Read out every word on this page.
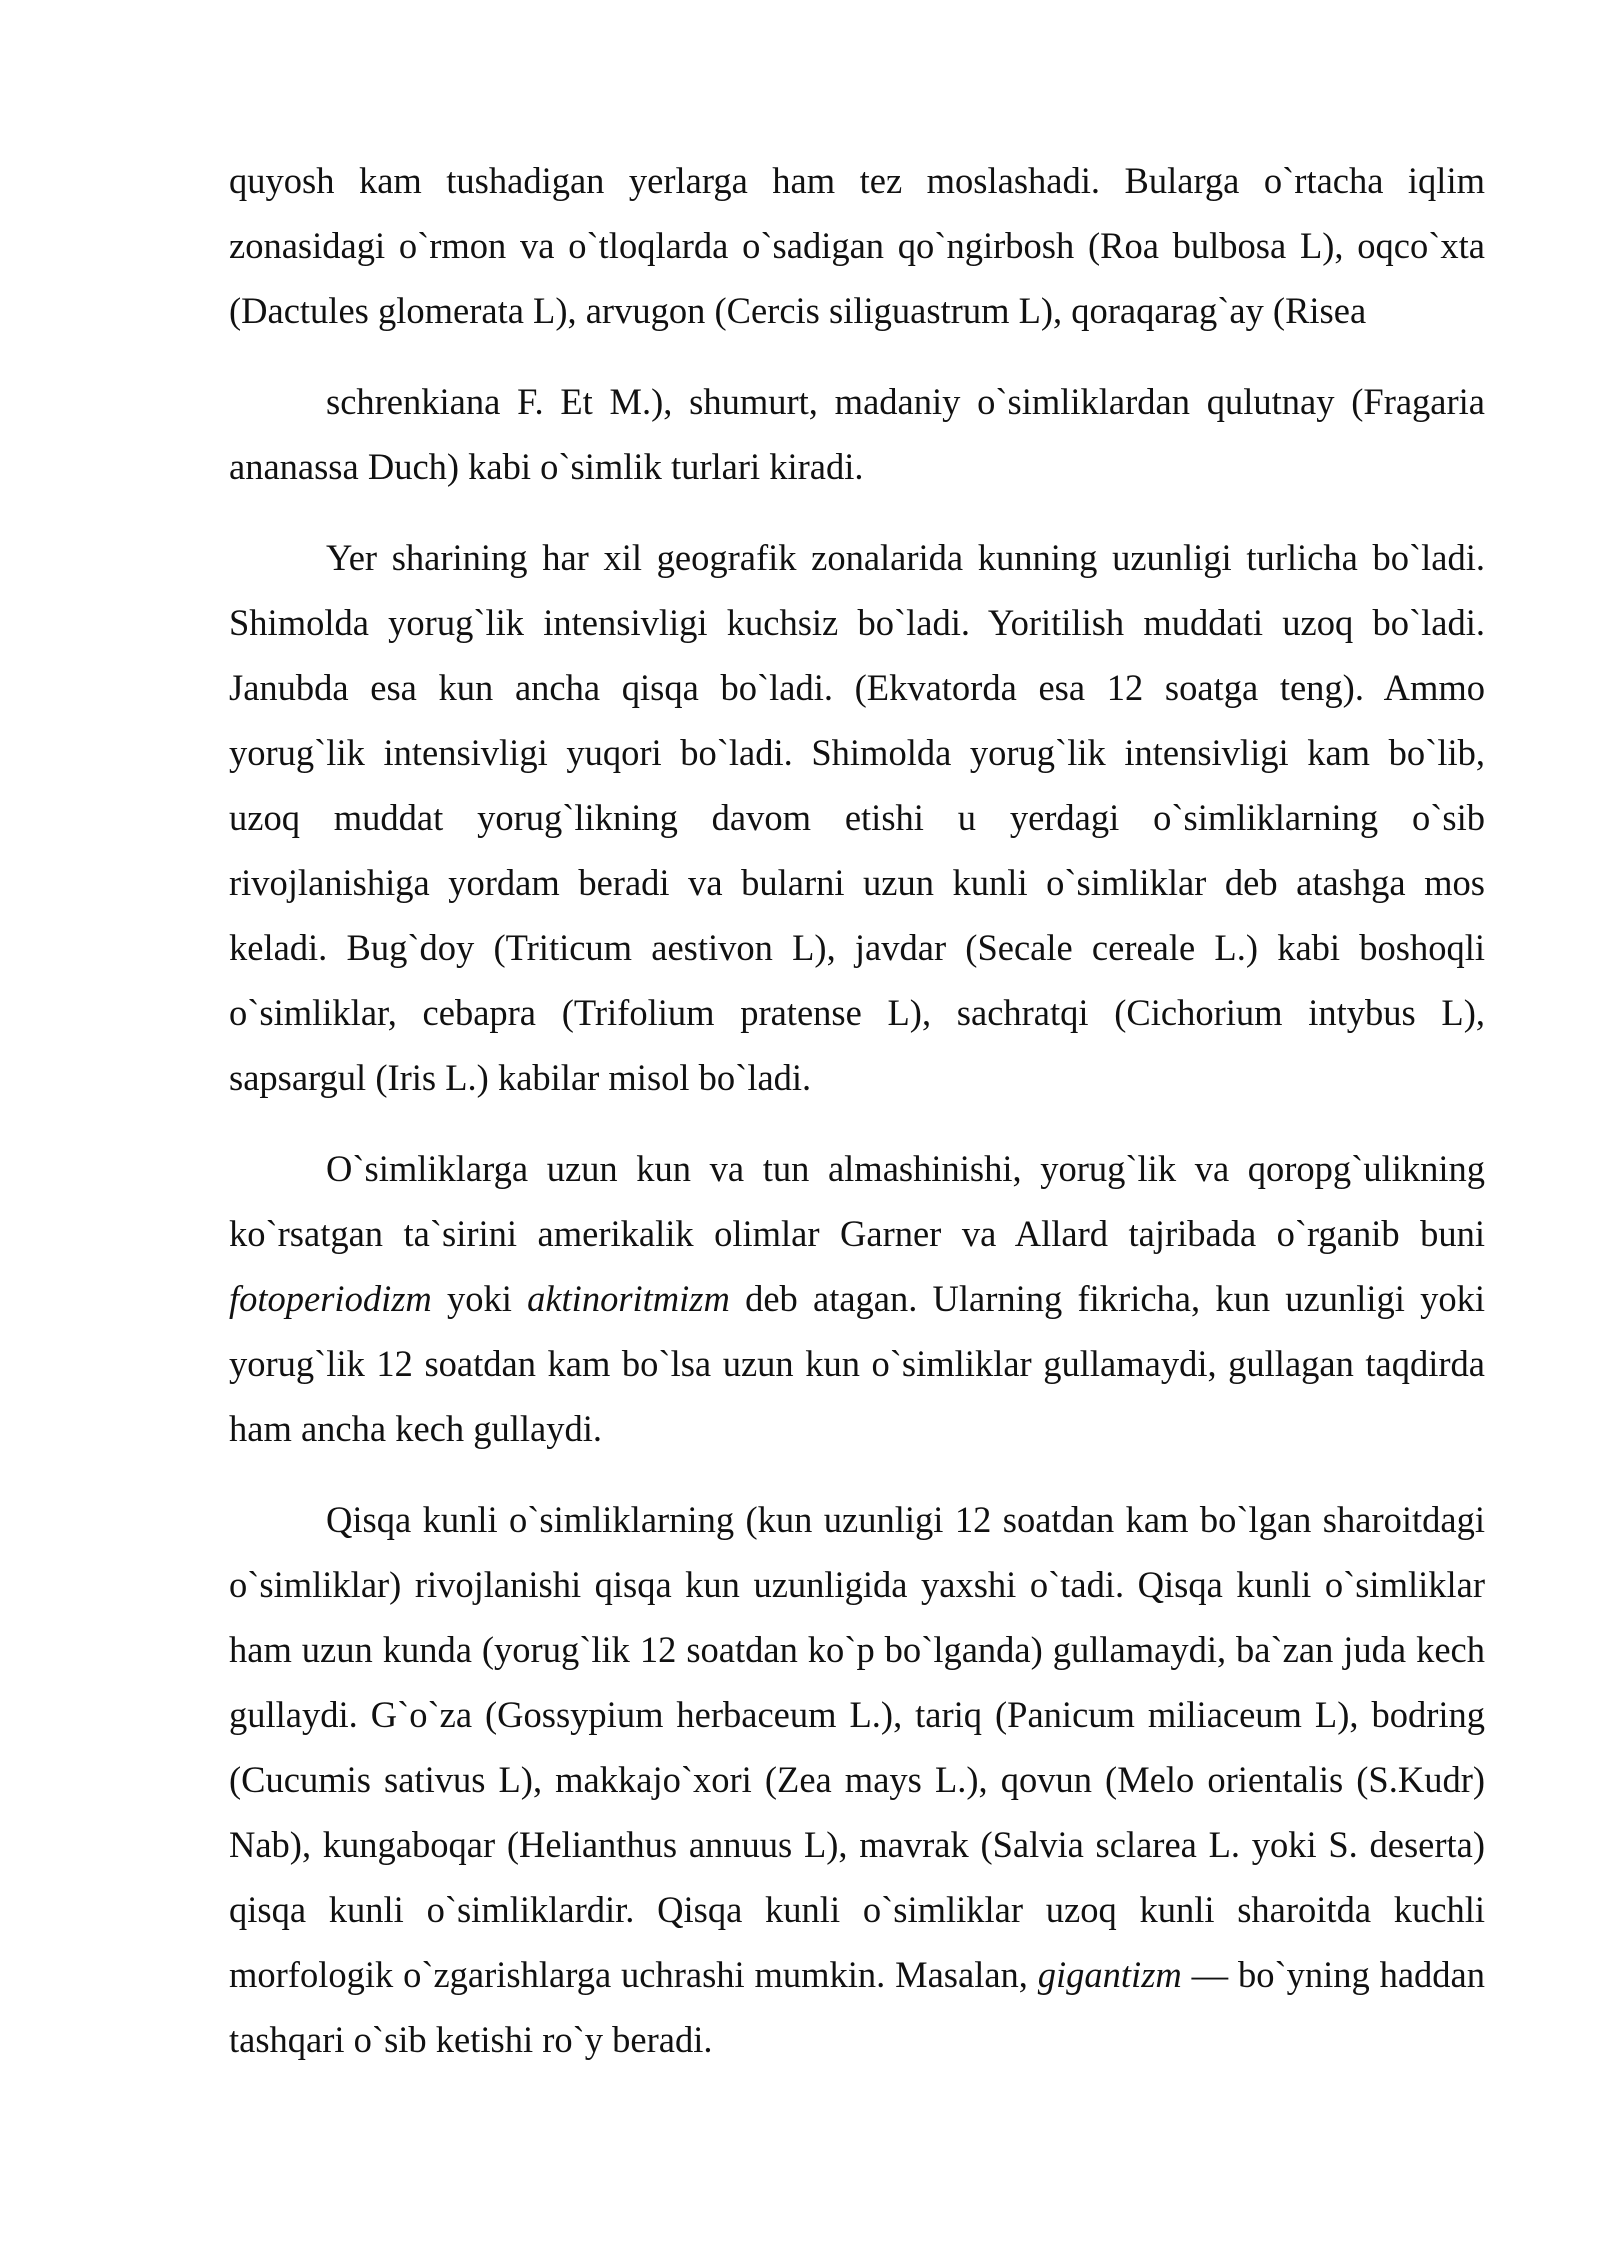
quyosh kam tushadigan yerlarga ham tez moslashadi. Bularga o`rtacha iqlim zonasidagi o`rmon va o`tloqlarda o`sadigan qo`ngirbosh (Roa bulbosa L), oqco`xta (Dactules glomerata L), arvugon (Cercis siliguastrum L), qoraqarag`ay (Risea

schrenkiana F. Et M.), shumurt, madaniy o`simliklardan qulutnay (Fragaria ananassa Duch) kabi o`simlik turlari kiradi.

Yer sharining har xil geografik zonalarida kunning uzunligi turlicha bo`ladi. Shimolda yorug`lik intensivligi kuchsiz bo`ladi. Yoritilish muddati uzoq bo`ladi. Janubda esa kun ancha qisqa bo`ladi. (Ekvatorda esa 12 soatga teng). Ammo yorug`lik intensivligi yuqori bo`ladi. Shimolda yorug`lik intensivligi kam bo`lib, uzoq muddat yorug`likning davom etishi u yerdagi o`simliklarning o`sib rivojlanishiga yordam beradi va bularni uzun kunli o`simliklar deb atashga mos keladi. Bug`doy (Triticum aestivon L), javdar (Secale cereale L.) kabi boshoqli o`simliklar, cebapra (Trifolium pratense L), sachratqi (Cichorium intybus L), sapsargul (Iris L.) kabilar misol bo`ladi.

O`simliklarga uzun kun va tun almashinishi, yorug`lik va qoropg`ulikning ko`rsatgan ta`sirini amerikalik olimlar Garner va Allard tajribada o`rganib buni fotoperiodizm yoki aktinoritmizm deb atagan. Ularning fikricha, kun uzunligi yoki yorug`lik 12 soatdan kam bo`lsa uzun kun o`simliklar gullamaydi, gullagan taqdirda ham ancha kech gullaydi.

Qisqa kunli o`simliklarning (kun uzunligi 12 soatdan kam bo`lgan sharoitdagi o`simliklar) rivojlanishi qisqa kun uzunligida yaxshi o`tadi. Qisqa kunli o`simliklar ham uzun kunda (yorug`lik 12 soatdan ko`p bo`lganda) gullamaydi, ba`zan juda kech gullaydi. G`o`za (Gossypium herbaceum L.), tariq (Panicum miliaceum L), bodring (Cucumis sativus L), makkajo`xori (Zea mays L.), qovun (Melo orientalis (S.Kudr) Nab), kungaboqar (Helianthus annuus L), mavrak (Salvia sclarea L. yoki S. deserta) qisqa kunli o`simliklardir. Qisqa kunli o`simliklar uzoq kunli sharoitda kuchli morfologik o`zgarishlarga uchrashi mumkin. Masalan, gigantizm — bo`yning haddan tashqari o`sib ketishi ro`y beradi.
